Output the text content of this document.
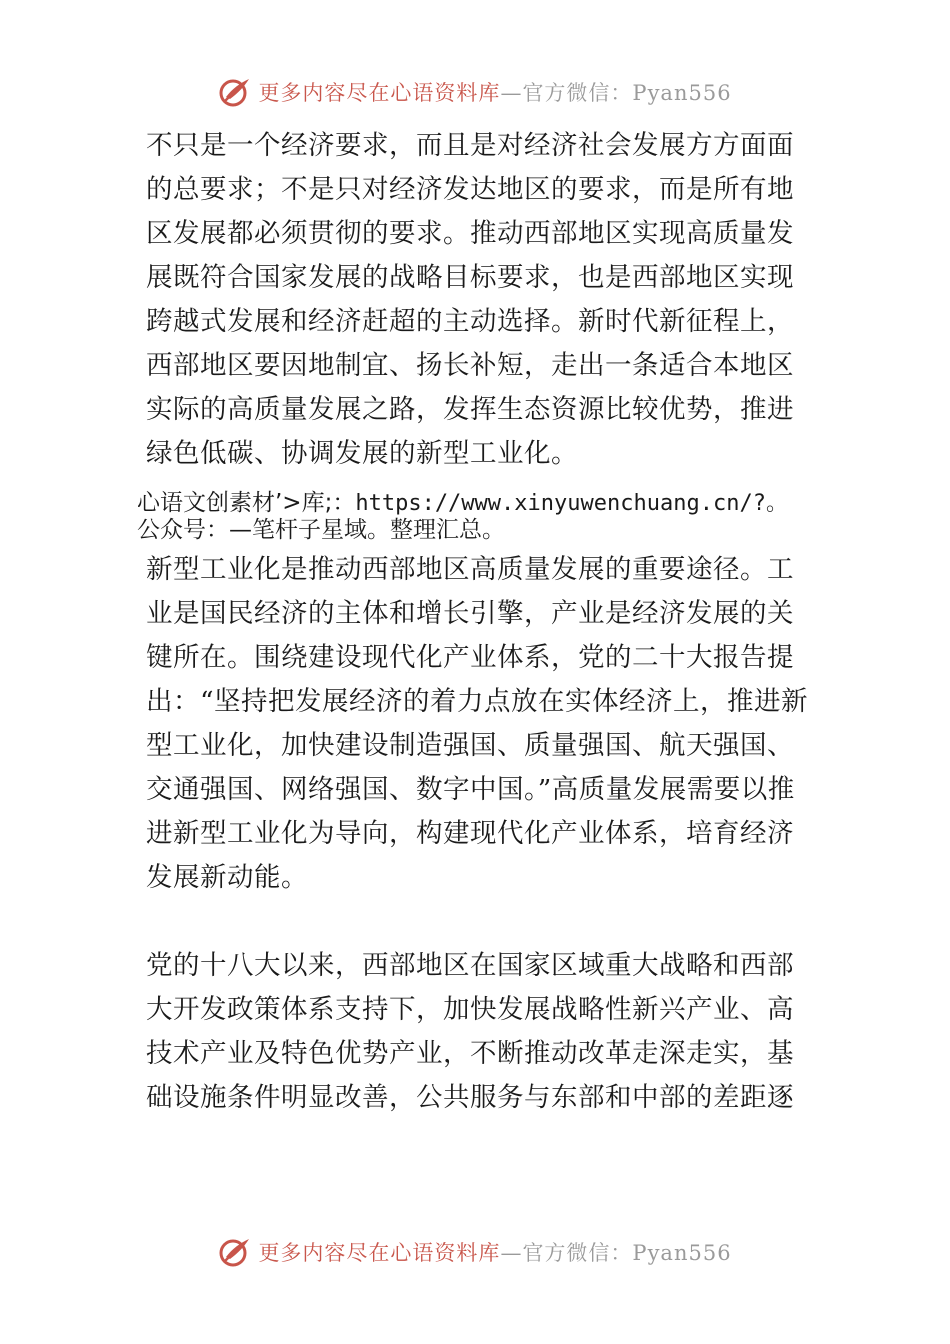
更多内容尽在心语资料库—官方微信：Pyan556

不只是一个经济要求，而且是对经济社会发展方方面面

的总要求；不是只对经济发达地区的要求，而是所有地

区发展都必须贯彻的要求。推动西部地区实现高质量发

展既符合国家发展的战略目标要求，也是西部地区实现

跨越式发展和经济赶超的主动选择。新时代新征程上，

西部地区要因地制宜、扬长补短，走出一条适合本地区

实际的高质量发展之路，发挥生态资源比较优势，推进

绿色低碳、协调发展的新型工业化。

心语文创素材’>库;：https://www.xinyuwenchuang.cn/?。
公众号：—笔杆子星域。整理汇总。

新型工业化是推动西部地区高质量发展的重要途径。工

业是国民经济的主体和增长引擎，产业是经济发展的关

键所在。围绕建设现代化产业体系，党的二十大报告提

出：“坚持把发展经济的着力点放在实体经济上，推进新

型工业化，加快建设制造强国、质量强国、航天强国、

交通强国、网络强国、数字中国。”高质量发展需要以推

进新型工业化为导向，构建现代化产业体系，培育经济

发展新动能。

党的十八大以来，西部地区在国家区域重大战略和西部

大开发政策体系支持下，加快发展战略性新兴产业、高

技术产业及特色优势产业，不断推动改革走深走实，基

础设施条件明显改善，公共服务与东部和中部的差距逐

更多内容尽在心语资料库—官方微信：Pyan556
